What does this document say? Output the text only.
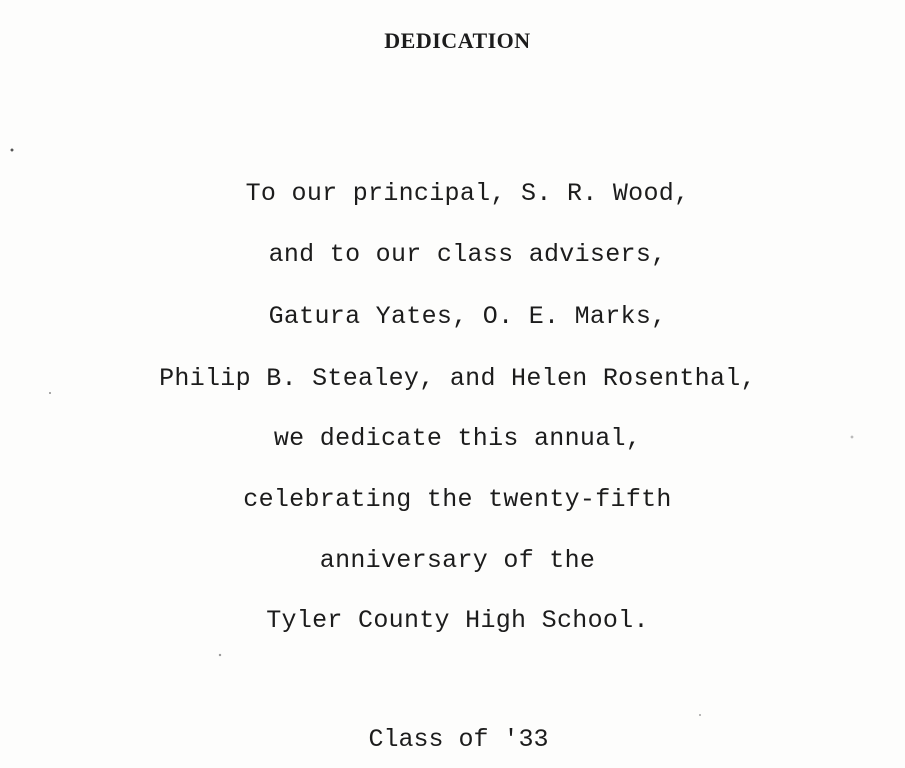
DEDICATION
To our principal, S. R. Wood,
and to our class advisers,
Gatura Yates, O. E. Marks,
Philip B. Stealey, and Helen Rosenthal,
we dedicate this annual,
celebrating the twenty-fifth
anniversary of the
Tyler County High School.
Class of '33
